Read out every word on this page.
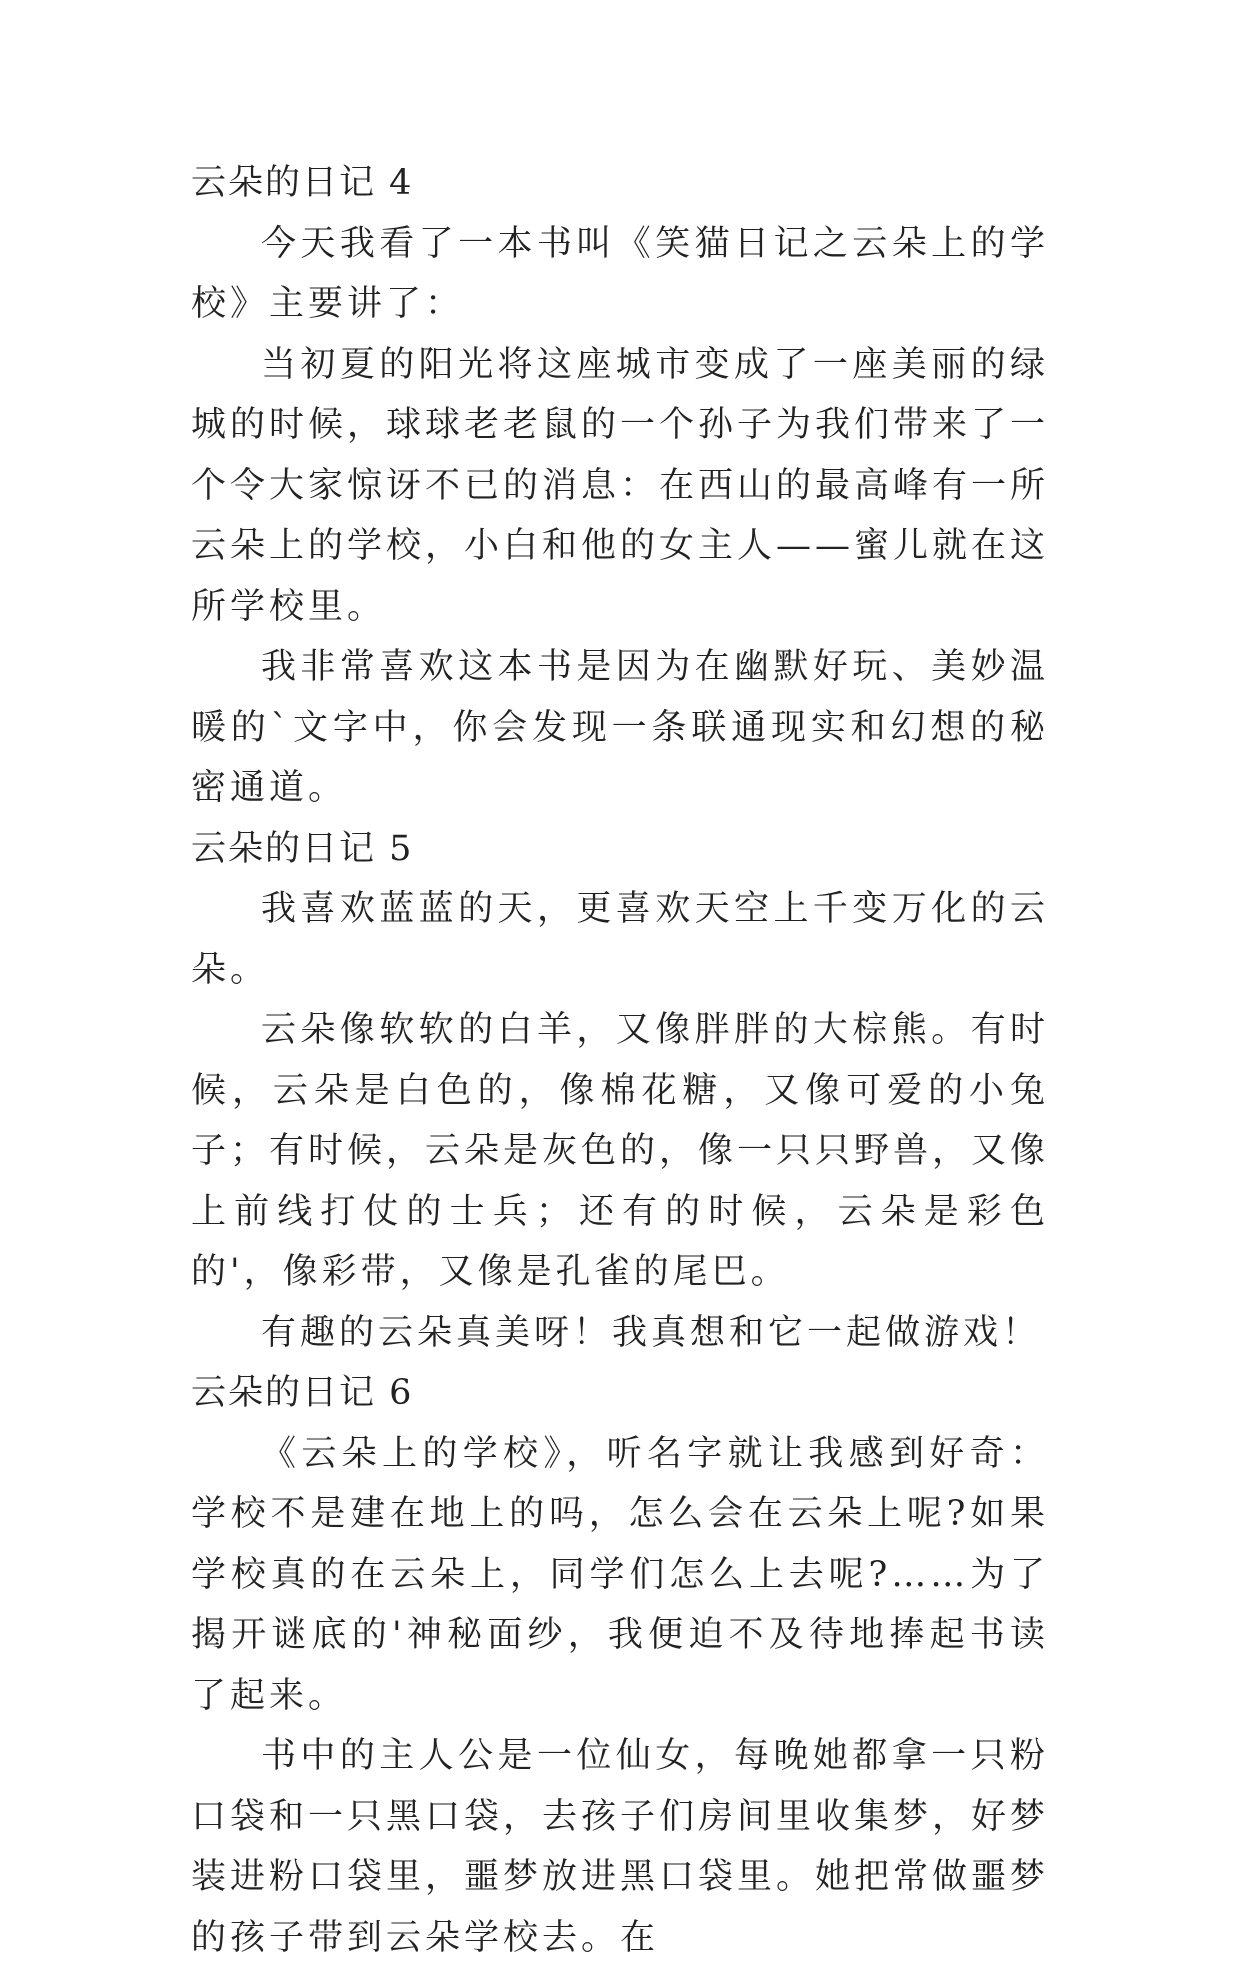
云朵的日记 4

今天我看了一本书叫《笑猫日记之云朵上的学校》主要讲了：

当初夏的阳光将这座城市变成了一座美丽的绿城的时候，球球老老鼠的一个孙子为我们带来了一个令大家惊讶不已的消息：在西山的最高峰有一所云朵上的学校，小白和他的女主人——蜜儿就在这所学校里。

我非常喜欢这本书是因为在幽默好玩、美妙温暖的`文字中，你会发现一条联通现实和幻想的秘密通道。

云朵的日记 5

我喜欢蓝蓝的天，更喜欢天空上千变万化的云朵。

云朵像软软的白羊，又像胖胖的大棕熊。有时候，云朵是白色的，像棉花糖，又像可爱的小兔子；有时候，云朵是灰色的，像一只只野兽，又像上前线打仗的士兵；还有的时候，云朵是彩色的'，像彩带，又像是孔雀的尾巴。

有趣的云朵真美呀！我真想和它一起做游戏！

云朵的日记 6

《云朵上的学校》，听名字就让我感到好奇：学校不是建在地上的吗，怎么会在云朵上呢?如果学校真的在云朵上，同学们怎么上去呢?……为了揭开谜底的'神秘面纱，我便迫不及待地捧起书读了起来。

书中的主人公是一位仙女，每晚她都拿一只粉口袋和一只黑口袋，去孩子们房间里收集梦，好梦装进粉口袋里，噩梦放进黑口袋里。她把常做噩梦的孩子带到云朵学校去。在
